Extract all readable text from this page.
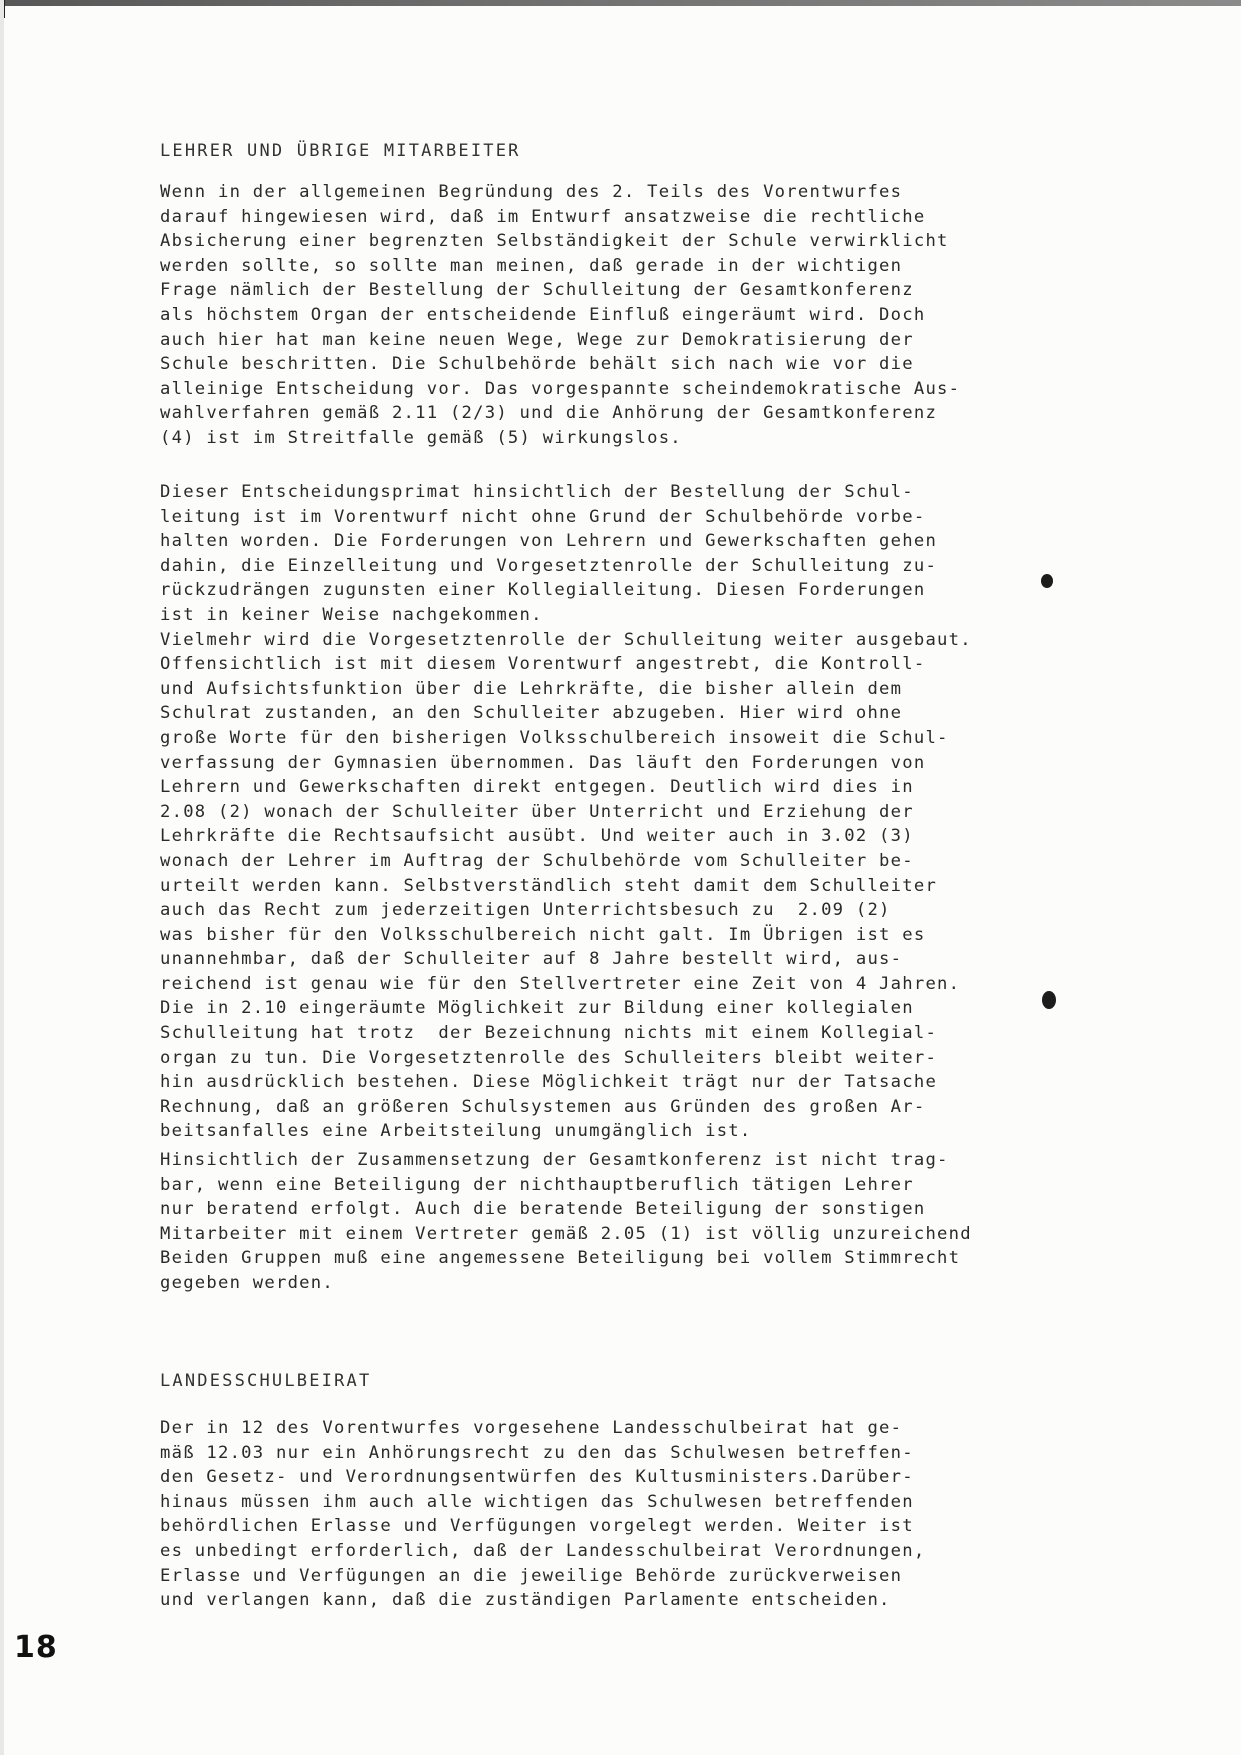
LEHRER UND ÜBRIGE MITARBEITER
Wenn in der allgemeinen Begründung des 2. Teils des Vorentwurfes
darauf hingewiesen wird, daß im Entwurf ansatzweise die rechtliche
Absicherung einer begrenzten Selbständigkeit der Schule verwirklicht
werden sollte, so sollte man meinen, daß gerade in der wichtigen
Frage nämlich der Bestellung der Schulleitung der Gesamtkonferenz
als höchstem Organ der entscheidende Einfluß eingeräumt wird. Doch
auch hier hat man keine neuen Wege, Wege zur Demokratisierung der
Schule beschritten. Die Schulbehörde behält sich nach wie vor die
alleinige Entscheidung vor. Das vorgespannte scheindemokratische Aus-
wahlverfahren gemäß 2.11 (2/3) und die Anhörung der Gesamtkonferenz
(4) ist im Streitfalle gemäß (5) wirkungslos.
Dieser Entscheidungsprimat hinsichtlich der Bestellung der Schul-
leitung ist im Vorentwurf nicht ohne Grund der Schulbehörde vorbe-
halten worden. Die Forderungen von Lehrern und Gewerkschaften gehen
dahin, die Einzelleitung und Vorgesetztenrolle der Schulleitung zu-
rückzudrängen zugunsten einer Kollegialleitung. Diesen Forderungen
ist in keiner Weise nachgekommen.
Vielmehr wird die Vorgesetztenrolle der Schulleitung weiter ausgebaut.
Offensichtlich ist mit diesem Vorentwurf angestrebt, die Kontroll-
und Aufsichtsfunktion über die Lehrkräfte, die bisher allein dem
Schulrat zustanden, an den Schulleiter abzugeben. Hier wird ohne
große Worte für den bisherigen Volksschulbereich insoweit die Schul-
verfassung der Gymnasien übernommen. Das läuft den Forderungen von
Lehrern und Gewerkschaften direkt entgegen. Deutlich wird dies in
2.08 (2) wonach der Schulleiter über Unterricht und Erziehung der
Lehrkräfte die Rechtsaufsicht ausübt. Und weiter auch in 3.02 (3)
wonach der Lehrer im Auftrag der Schulbehörde vom Schulleiter be-
urteilt werden kann. Selbstverständlich steht damit dem Schulleiter
auch das Recht zum jederzeitigen Unterrichtsbesuch zu  2.09 (2)
was bisher für den Volksschulbereich nicht galt. Im Übrigen ist es
unannehmbar, daß der Schulleiter auf 8 Jahre bestellt wird, aus-
reichend ist genau wie für den Stellvertreter eine Zeit von 4 Jahren.
Die in 2.10 eingeräumte Möglichkeit zur Bildung einer kollegialen
Schulleitung hat trotz  der Bezeichnung nichts mit einem Kollegial-
organ zu tun. Die Vorgesetztenrolle des Schulleiters bleibt weiter-
hin ausdrücklich bestehen. Diese Möglichkeit trägt nur der Tatsache
Rechnung, daß an größeren Schulsystemen aus Gründen des großen Ar-
beitsanfalles eine Arbeitsteilung unumgänglich ist.
Hinsichtlich der Zusammensetzung der Gesamtkonferenz ist nicht trag-
bar, wenn eine Beteiligung der nichthauptberuflich tätigen Lehrer
nur beratend erfolgt. Auch die beratende Beteiligung der sonstigen
Mitarbeiter mit einem Vertreter gemäß 2.05 (1) ist völlig unzureichend
Beiden Gruppen muß eine angemessene Beteiligung bei vollem Stimmrecht
gegeben werden.
LANDESSCHULBEIRAT
Der in 12 des Vorentwurfes vorgesehene Landesschulbeirat hat ge-
mäß 12.03 nur ein Anhörungsrecht zu den das Schulwesen betreffen-
den Gesetz- und Verordnungsentwürfen des Kultusministers.Darüber-
hinaus müssen ihm auch alle wichtigen das Schulwesen betreffenden
behördlichen Erlasse und Verfügungen vorgelegt werden. Weiter ist
es unbedingt erforderlich, daß der Landesschulbeirat Verordnungen,
Erlasse und Verfügungen an die jeweilige Behörde zurückverweisen
und verlangen kann, daß die zuständigen Parlamente entscheiden.
18
